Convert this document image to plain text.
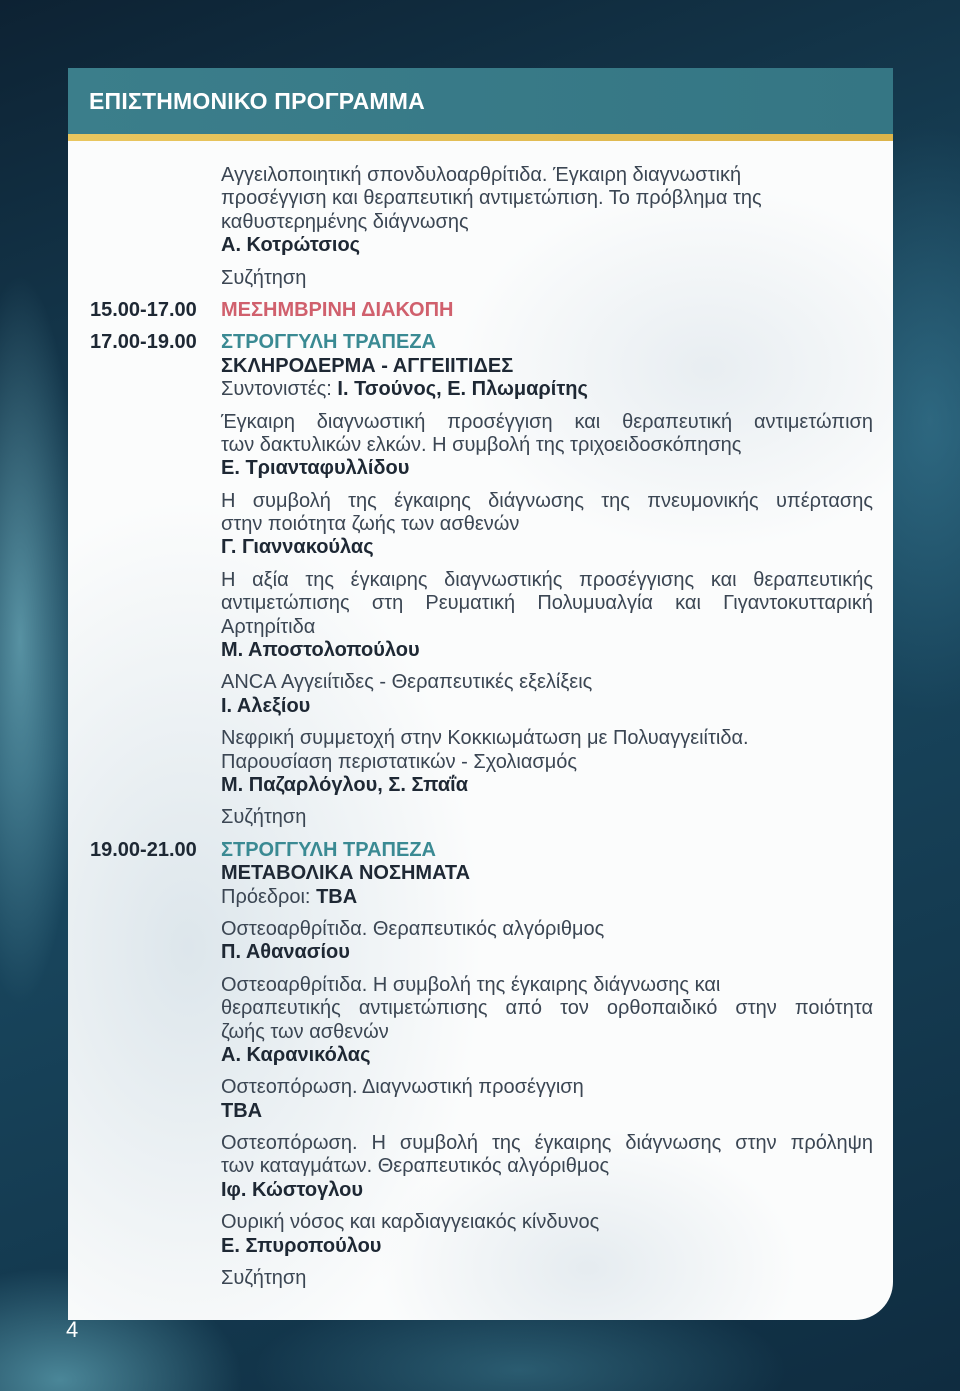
ΕΠΙΣΤΗΜΟΝΙΚΟ ΠΡΟΓΡΑΜΜΑ
Αγγειλοποιητική σπονδυλοαρθρίτιδα. Έγκαιρη διαγνωστική
προσέγγιση και θεραπευτική αντιμετώπιση. Το πρόβλημα της
καθυστερημένης διάγνωσης
Α. Κοτρώτσιος
Συζήτηση
15.00-17.00	ΜΕΣΗΜΒΡΙΝΗ ΔΙΑΚΟΠΗ
17.00-19.00	ΣΤΡΟΓΓΥΛΗ ΤΡΑΠΕΖΑ
ΣΚΛΗΡΟΔΕΡΜΑ - ΑΓΓΕΙΙΤΙΔΕΣ
Συντονιστές: Ι. Τσούνος, Ε. Πλωμαρίτης
Έγκαιρη διαγνωστική προσέγγιση και θεραπευτική αντιμετώπιση
των δακτυλικών ελκών. Η συμβολή της τριχοειδοσκόπησης
Ε. Τριανταφυλλίδου
Η συμβολή της έγκαιρης διάγνωσης της πνευμονικής υπέρτασης
στην ποιότητα ζωής των ασθενών
Γ. Γιαννακούλας
Η αξία της έγκαιρης διαγνωστικής προσέγγισης και θεραπευτικής
αντιμετώπισης στη Ρευματική Πολυμυαλγία και Γιγαντοκυτταρική
Αρτηρίτιδα
Μ. Αποστολοπούλου
ANCA Αγγειίτιδες - Θεραπευτικές εξελίξεις
Ι. Αλεξίου
Νεφρική συμμετοχή στην Κοκκιωμάτωση με Πολυαγγειίτιδα.
Παρουσίαση περιστατικών - Σχολιασμός
Μ. Παζαρλόγλου, Σ. Σπαΐα
Συζήτηση
19.00-21.00	ΣΤΡΟΓΓΥΛΗ ΤΡΑΠΕΖΑ
ΜΕΤΑΒΟΛΙΚΑ ΝΟΣΗΜΑΤΑ
Πρόεδροι: TBA
Οστεοαρθρίτιδα. Θεραπευτικός αλγόριθμος
Π. Αθανασίου
Οστεοαρθρίτιδα. Η συμβολή της έγκαιρης διάγνωσης και
θεραπευτικής αντιμετώπισης από τον ορθοπαιδικό στην ποιότητα
ζωής των ασθενών
Α. Καρανικόλας
Οστεοπόρωση. Διαγνωστική προσέγγιση
TBA
Οστεοπόρωση. Η συμβολή της έγκαιρης διάγνωσης στην πρόληψη
των καταγμάτων. Θεραπευτικός αλγόριθμος
Ιφ. Κώστογλου
Ουρική νόσος και καρδιαγγειακός κίνδυνος
Ε. Σπυροπούλου
Συζήτηση
4
